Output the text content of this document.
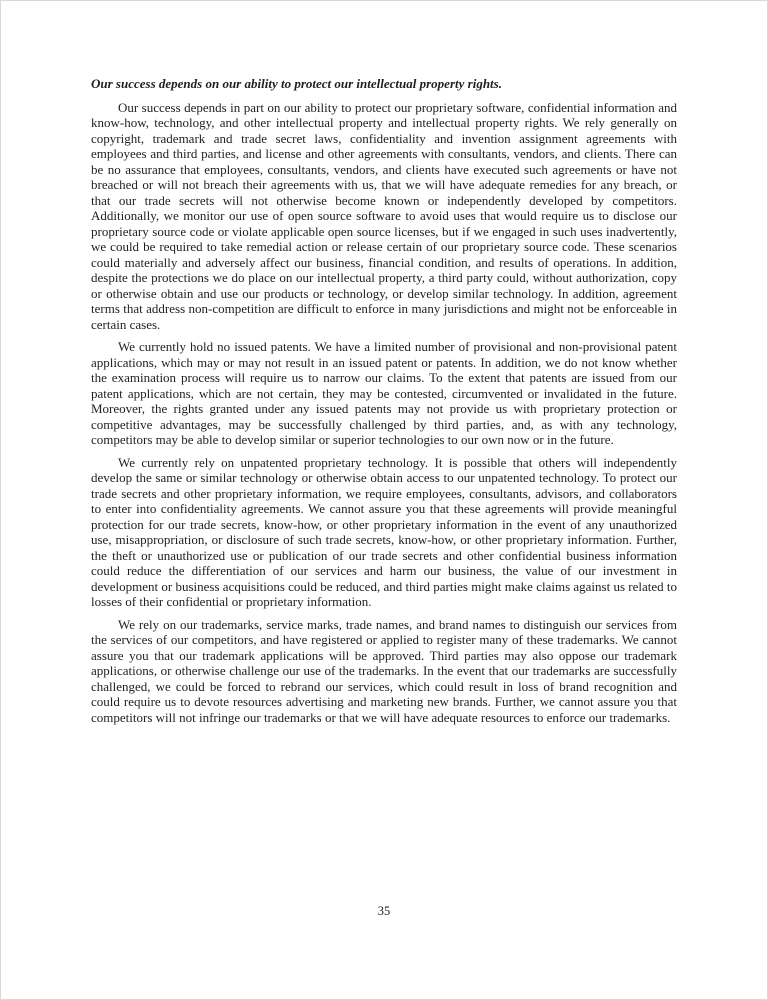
Our success depends on our ability to protect our intellectual property rights.

Our success depends in part on our ability to protect our proprietary software, confidential information and know-how, technology, and other intellectual property and intellectual property rights. We rely generally on copyright, trademark and trade secret laws, confidentiality and invention assignment agreements with employees and third parties, and license and other agreements with consultants, vendors, and clients. There can be no assurance that employees, consultants, vendors, and clients have executed such agreements or have not breached or will not breach their agreements with us, that we will have adequate remedies for any breach, or that our trade secrets will not otherwise become known or independently developed by competitors. Additionally, we monitor our use of open source software to avoid uses that would require us to disclose our proprietary source code or violate applicable open source licenses, but if we engaged in such uses inadvertently, we could be required to take remedial action or release certain of our proprietary source code. These scenarios could materially and adversely affect our business, financial condition, and results of operations. In addition, despite the protections we do place on our intellectual property, a third party could, without authorization, copy or otherwise obtain and use our products or technology, or develop similar technology. In addition, agreement terms that address non-competition are difficult to enforce in many jurisdictions and might not be enforceable in certain cases.

We currently hold no issued patents. We have a limited number of provisional and non-provisional patent applications, which may or may not result in an issued patent or patents. In addition, we do not know whether the examination process will require us to narrow our claims. To the extent that patents are issued from our patent applications, which are not certain, they may be contested, circumvented or invalidated in the future. Moreover, the rights granted under any issued patents may not provide us with proprietary protection or competitive advantages, may be successfully challenged by third parties, and, as with any technology, competitors may be able to develop similar or superior technologies to our own now or in the future.

We currently rely on unpatented proprietary technology. It is possible that others will independently develop the same or similar technology or otherwise obtain access to our unpatented technology. To protect our trade secrets and other proprietary information, we require employees, consultants, advisors, and collaborators to enter into confidentiality agreements. We cannot assure you that these agreements will provide meaningful protection for our trade secrets, know-how, or other proprietary information in the event of any unauthorized use, misappropriation, or disclosure of such trade secrets, know-how, or other proprietary information. Further, the theft or unauthorized use or publication of our trade secrets and other confidential business information could reduce the differentiation of our services and harm our business, the value of our investment in development or business acquisitions could be reduced, and third parties might make claims against us related to losses of their confidential or proprietary information.

We rely on our trademarks, service marks, trade names, and brand names to distinguish our services from the services of our competitors, and have registered or applied to register many of these trademarks. We cannot assure you that our trademark applications will be approved. Third parties may also oppose our trademark applications, or otherwise challenge our use of the trademarks. In the event that our trademarks are successfully challenged, we could be forced to rebrand our services, which could result in loss of brand recognition and could require us to devote resources advertising and marketing new brands. Further, we cannot assure you that competitors will not infringe our trademarks or that we will have adequate resources to enforce our trademarks.

35
